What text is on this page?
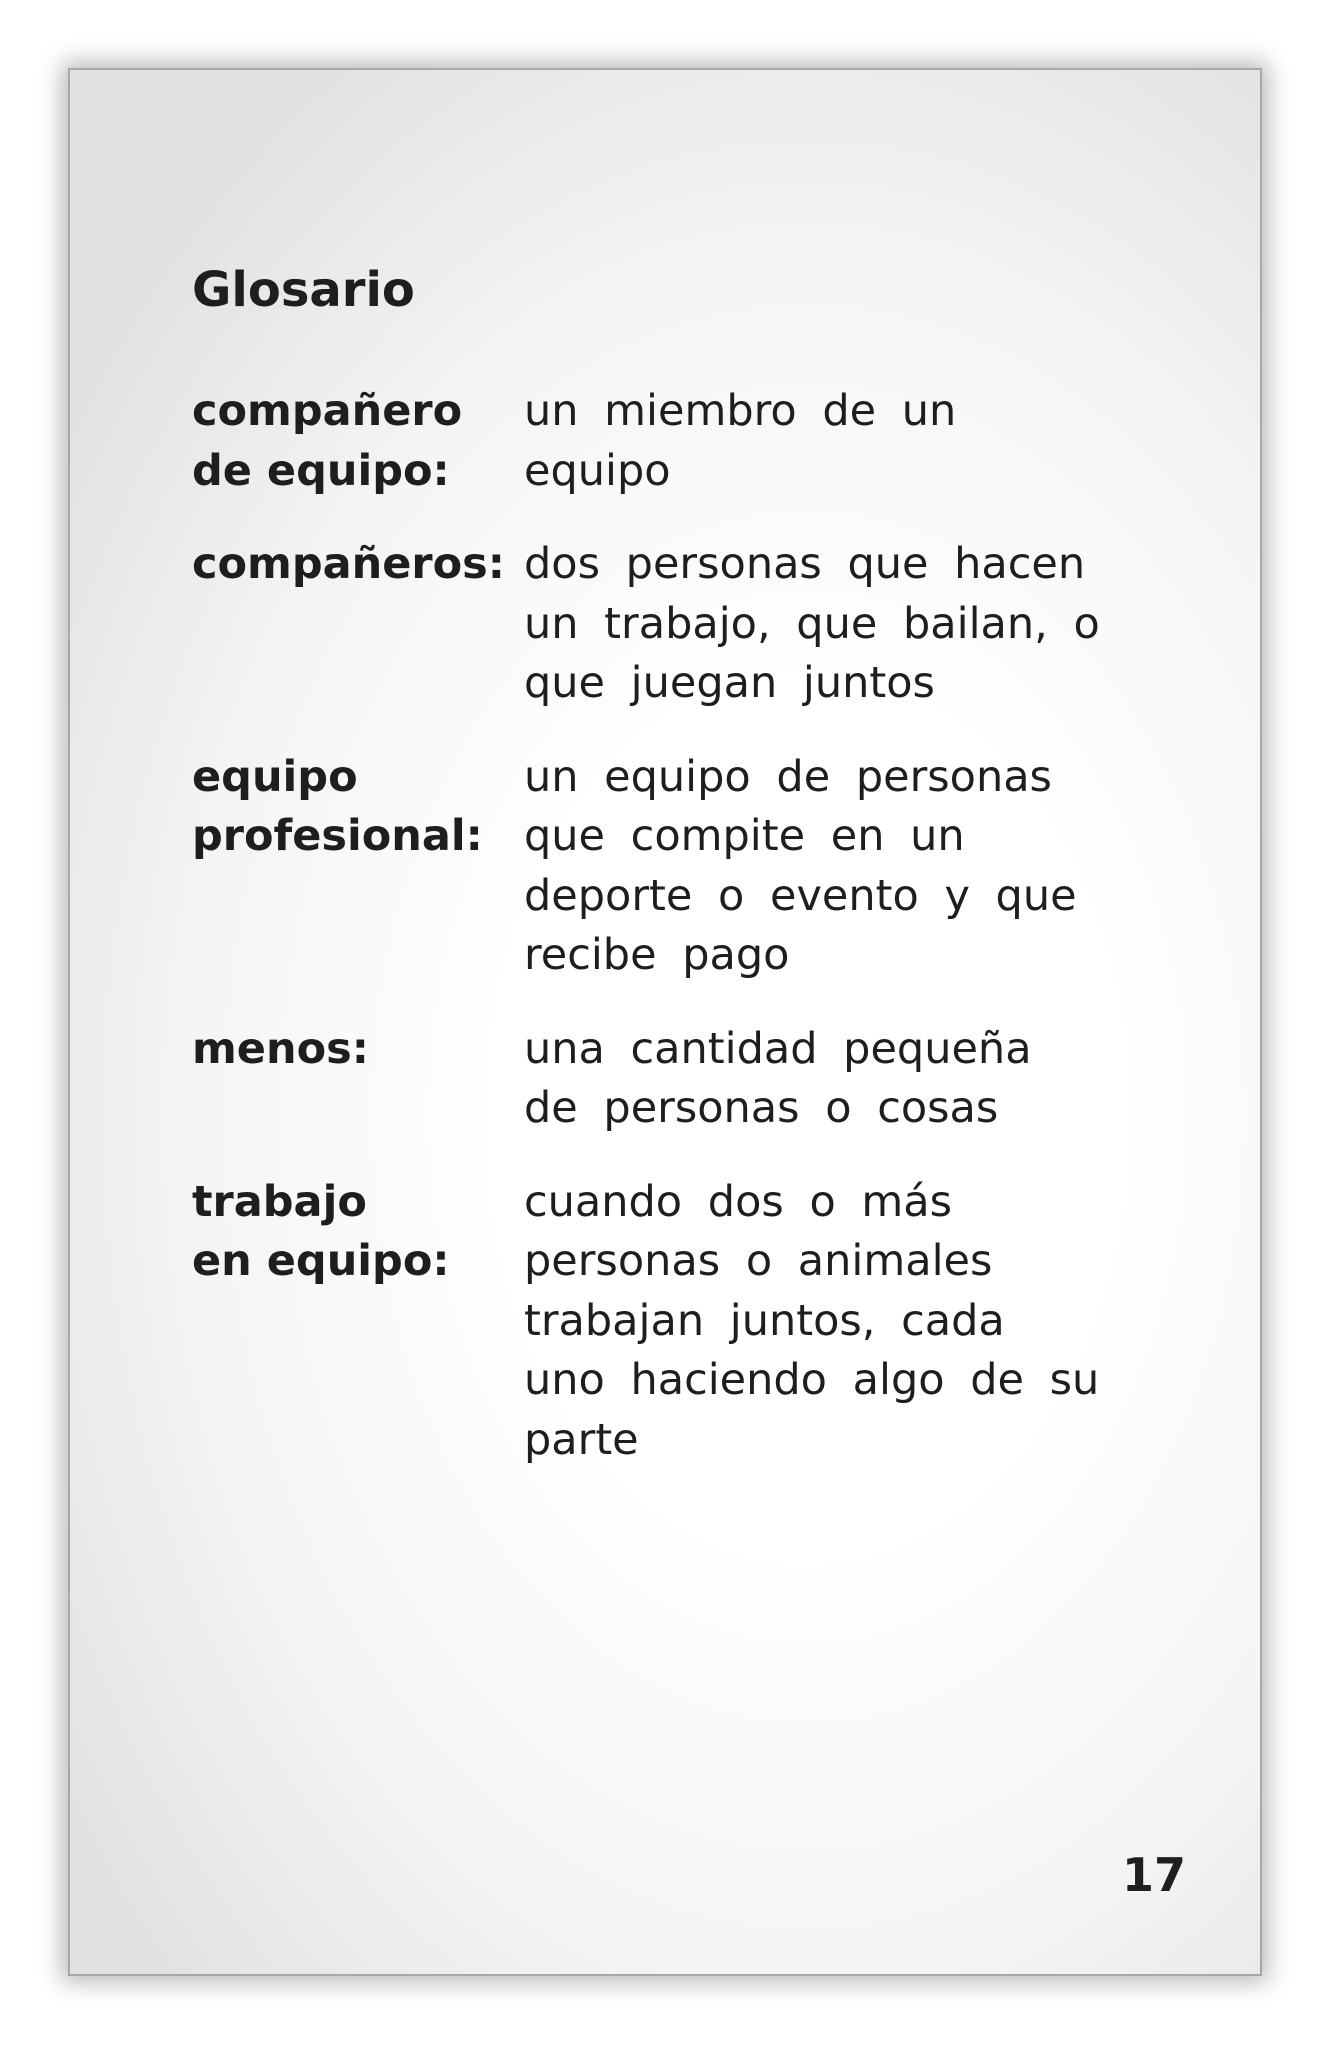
Glosario
compañero
de equipo:
un miembro de un
equipo
compañeros: dos personas que hacen
un trabajo, que bailan, o
que juegan juntos
equipo
profesional:
un equipo de personas
que compite en un
deporte o evento y que
recibe pago
menos:	una cantidad pequeña
de personas o cosas
trabajo
en equipo:
cuando dos o más
personas o animales
trabajan juntos, cada
uno haciendo algo de su
parte
17
